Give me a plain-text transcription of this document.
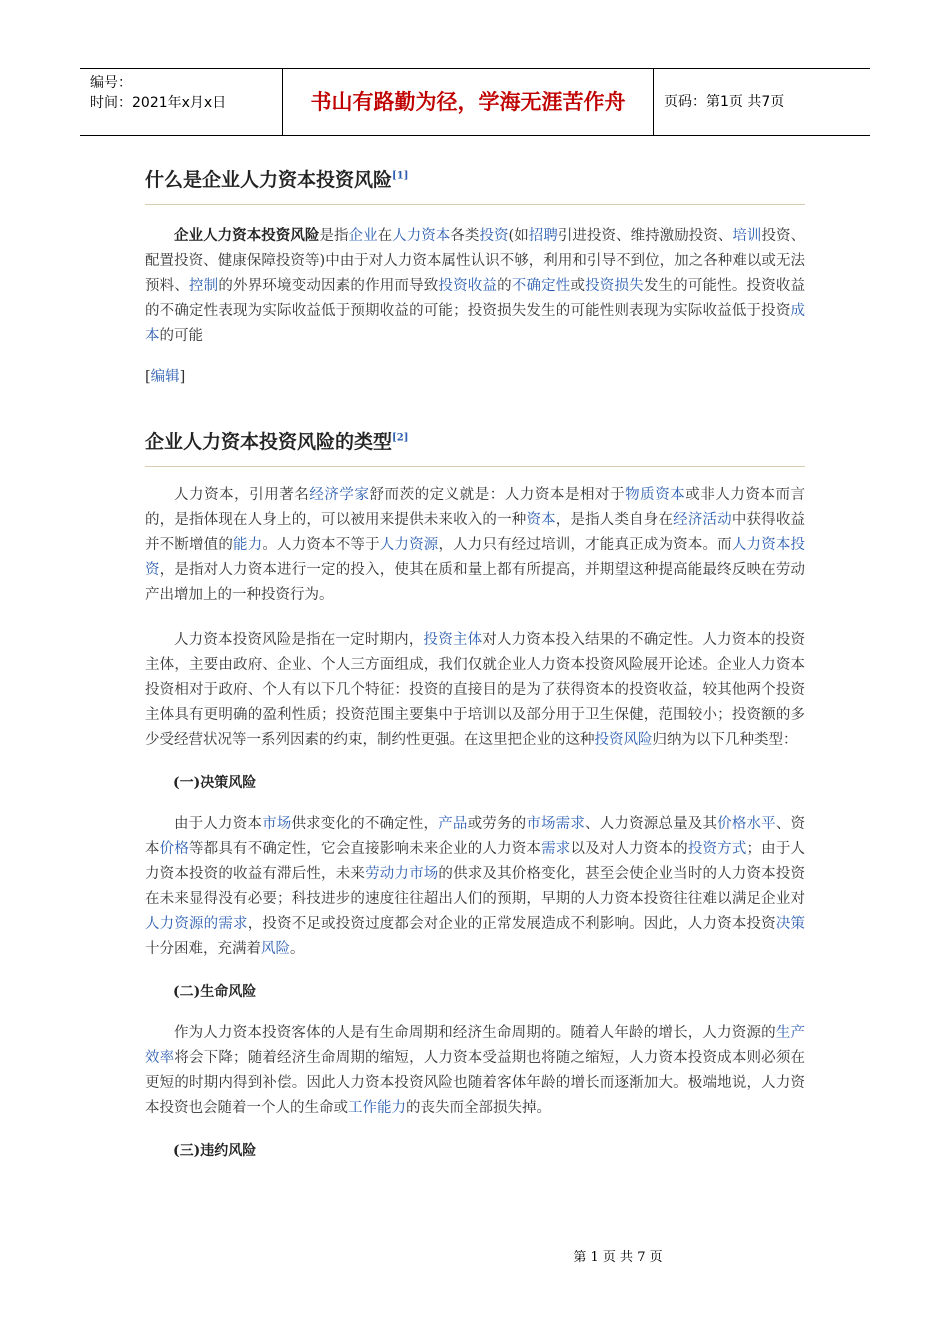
编号：
时间：2021年x月x日	书山有路勤为径，学海无涯苦作舟	页码：第1页 共7页
什么是企业人力资本投资风险[1]

企业人力资本投资风险是指企业在人力资本各类投资(如招聘引进投资、维持激励投资、培训投资、配置投资、健康保障投资等)中由于对人力资本属性认识不够，利用和引导不到位，加之各种难以或无法预料、控制的外界环境变动因素的作用而导致投资收益的不确定性或投资损失发生的可能性。投资收益的不确定性表现为实际收益低于预期收益的可能；投资损失发生的可能性则表现为实际收益低于投资成本的可能

[编辑]
企业人力资本投资风险的类型[2]

人力资本，引用著名经济学家舒而茨的定义就是：人力资本是相对于物质资本或非人力资本而言的，是指体现在人身上的，可以被用来提供未来收入的一种资本，是指人类自身在经济活动中获得收益并不断增值的能力。人力资本不等于人力资源，人力只有经过培训，才能真正成为资本。而人力资本投资，是指对人力资本进行一定的投入，使其在质和量上都有所提高，并期望这种提高能最终反映在劳动产出增加上的一种投资行为。

人力资本投资风险是指在一定时期内，投资主体对人力资本投入结果的不确定性。人力资本的投资主体，主要由政府、企业、个人三方面组成，我们仅就企业人力资本投资风险展开论述。企业人力资本投资相对于政府、个人有以下几个特征：投资的直接目的是为了获得资本的投资收益，较其他两个投资主体具有更明确的盈利性质；投资范围主要集中于培训以及部分用于卫生保健，范围较小；投资额的多少受经营状况等一系列因素的约束，制约性更强。在这里把企业的这种投资风险归纳为以下几种类型：

(一)决策风险

由于人力资本市场供求变化的不确定性，产品或劳务的市场需求、人力资源总量及其价格水平、资本价格等都具有不确定性，它会直接影响未来企业的人力资本需求以及对人力资本的投资方式；由于人力资本投资的收益有滞后性，未来劳动力市场的供求及其价格变化，甚至会使企业当时的人力资本投资在未来显得没有必要；科技进步的速度往往超出人们的预期，早期的人力资本投资往往难以满足企业对人力资源的需求，投资不足或投资过度都会对企业的正常发展造成不利影响。因此，人力资本投资决策十分困难，充满着风险。

(二)生命风险

作为人力资本投资客体的人是有生命周期和经济生命周期的。随着人年龄的增长，人力资源的生产效率将会下降；随着经济生命周期的缩短，人力资本受益期也将随之缩短，人力资本投资成本则必须在更短的时期内得到补偿。因此人力资本投资风险也随着客体年龄的增长而逐渐加大。极端地说，人力资本投资也会随着一个人的生命或工作能力的丧失而全部损失掉。

(三)违约风险
第 1 页 共 7 页
